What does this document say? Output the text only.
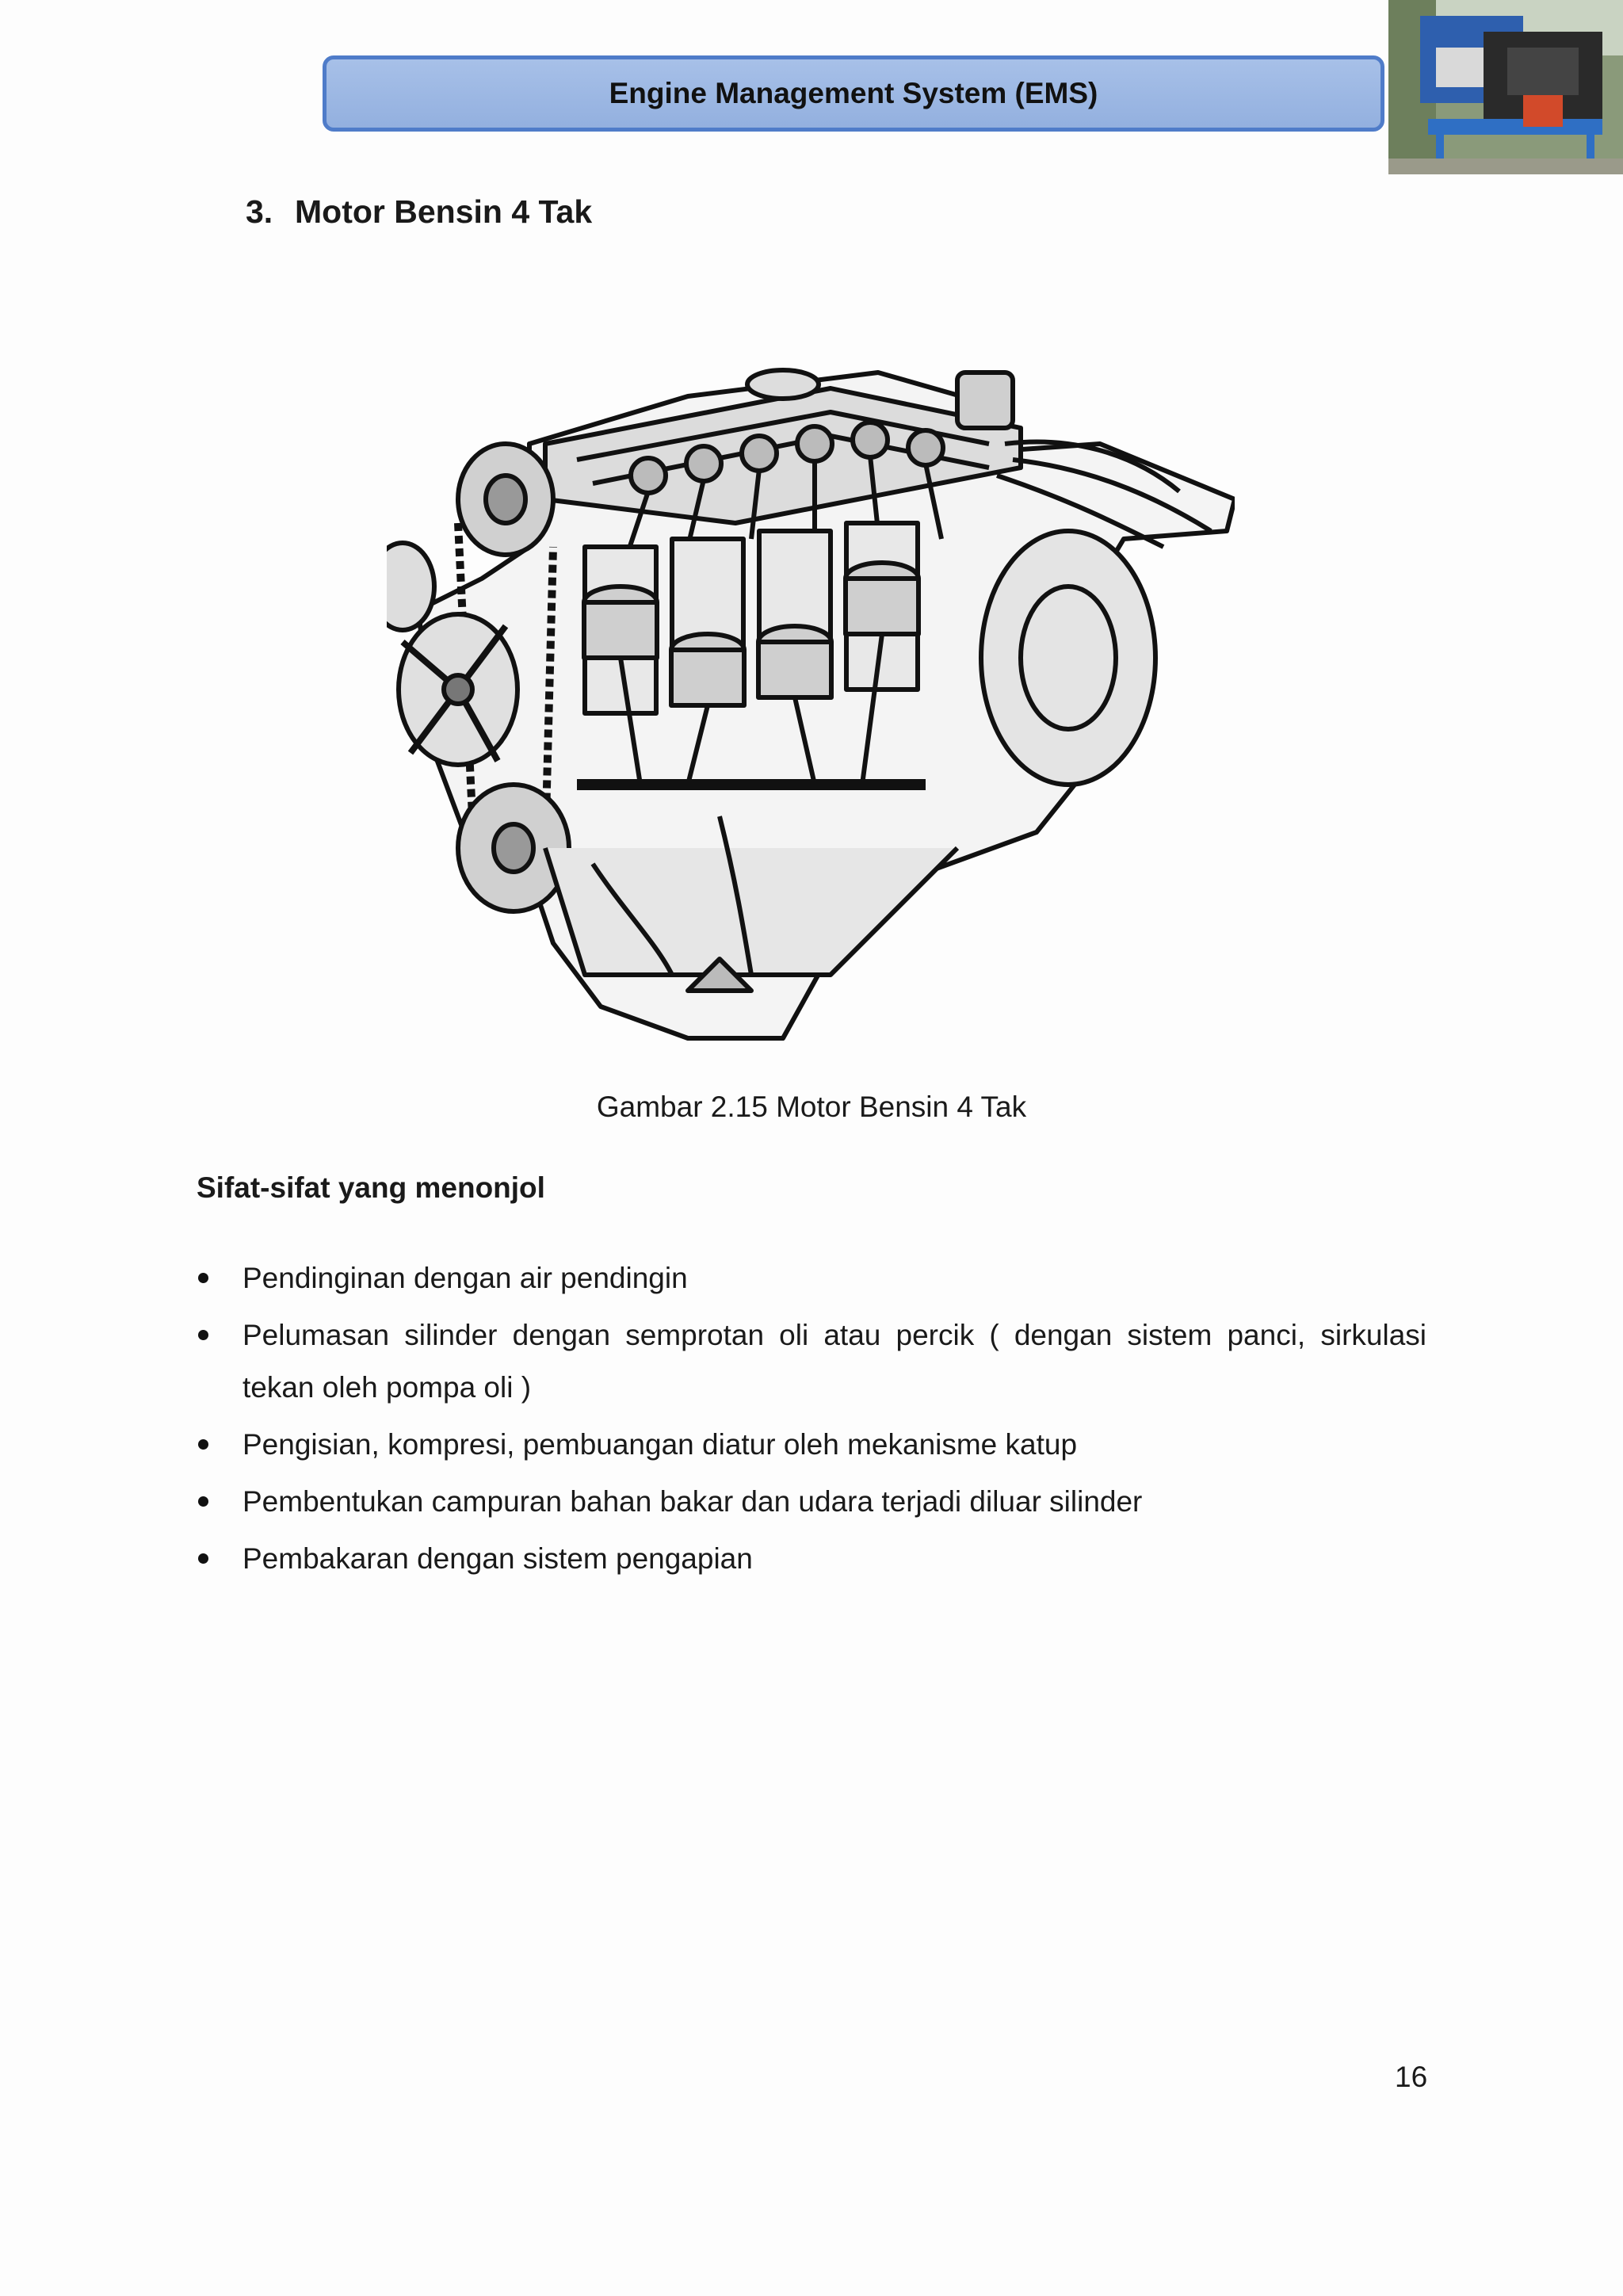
Engine Management System (EMS)
3. Motor Bensin 4 Tak
Gambar 2.15 Motor Bensin 4 Tak
Sifat-sifat yang menonjol
Pendinginan dengan air pendingin
Pelumasan silinder dengan semprotan oli atau percik ( dengan sistem panci, sirkulasi tekan oleh pompa oli )
Pengisian, kompresi, pembuangan diatur oleh mekanisme katup
Pembentukan campuran bahan bakar dan udara terjadi diluar silinder
Pembakaran dengan sistem pengapian
16
